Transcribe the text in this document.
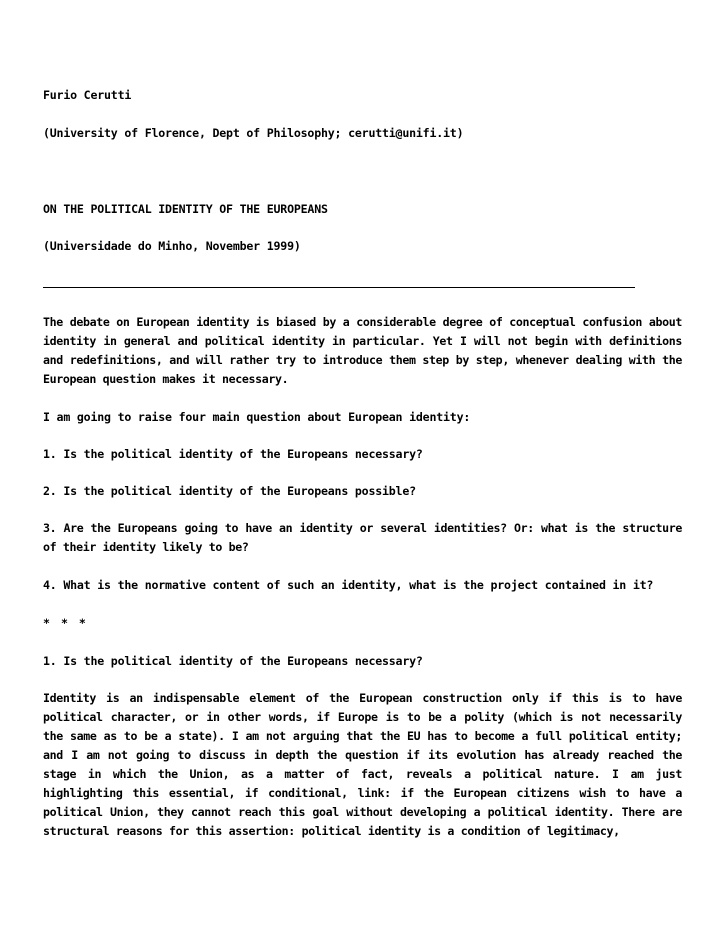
Furio Cerutti
(University of Florence, Dept of Philosophy; cerutti@unifi.it)
ON THE POLITICAL IDENTITY OF THE EUROPEANS
(Universidade do Minho, November 1999)
The debate on European identity is biased by a considerable degree of conceptual confusion about identity in general and political identity in particular. Yet I will not begin with definitions and redefinitions, and will rather try to introduce them step by step, whenever dealing with the European question makes it necessary.
I am going to raise four main question about European identity:
1. Is the political identity of the Europeans necessary?
2. Is the political identity of the Europeans possible?
3. Are the Europeans going to have an identity or several identities? Or: what is the structure of their identity likely to be?
4. What is the normative content of such an identity, what is the project contained in it?
* * *
1. Is the political identity of the Europeans necessary?
Identity is an indispensable element of the European construction only if this is to have political character, or in other words, if Europe is to be a polity (which is not necessarily the same as to be a state). I am not arguing that the EU has to become a full political entity; and I am not going to discuss in depth the question if its evolution has already reached the stage in which the Union, as a matter of fact, reveals a political nature. I am just highlighting this essential, if conditional, link: if the European citizens wish to have a political Union, they cannot reach this goal without developing a political identity. There are structural reasons for this assertion: political identity is a condition of legitimacy,
